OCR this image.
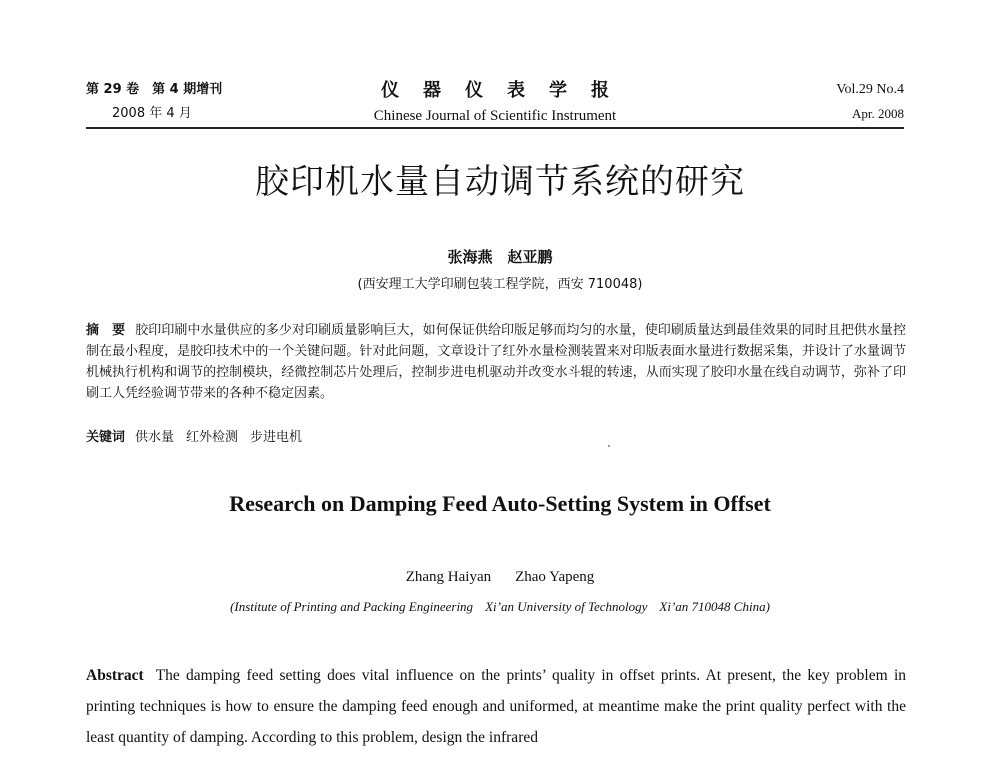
第 29 卷　第 4 期增刊
2008 年 4 月
仪器仪表学报
Chinese Journal of Scientific Instrument
Vol.29 No.4
Apr. 2008
胶印机水量自动调节系统的研究
张海燕　赵亚鹏
(西安理工大学印刷包装工程学院，西安 710048)
摘　要 胶印印刷中水量供应的多少对印刷质量影响巨大，如何保证供给印版足够而均匀的水量，使印刷质量达到最佳效果的同时且把供水量控制在最小程度，是胶印技术中的一个关键问题。针对此问题，文章设计了红外水量检测装置来对印版表面水量进行数据采集，并设计了水量调节机械执行机构和调节的控制模块，经微控制芯片处理后，控制步进电机驱动并改变水斗辊的转速，从而实现了胶印水量在线自动调节，弥补了印刷工人凭经验调节带来的各种不稳定因素。
关键词 供水量 红外检测 步进电机
Research on Damping Feed Auto-Setting System in Offset
Zhang Haiyan Zhao Yapeng
(Institute of Printing and Packing Engineering Xi’an University of Technology Xi’an 710048 China)
Abstract The damping feed setting does vital influence on the prints’ quality in offset prints. At present, the key problem in printing techniques is how to ensure the damping feed enough and uniformed, at meantime make the print quality perfect with the least quantity of damping. According to this problem, design the infrared
